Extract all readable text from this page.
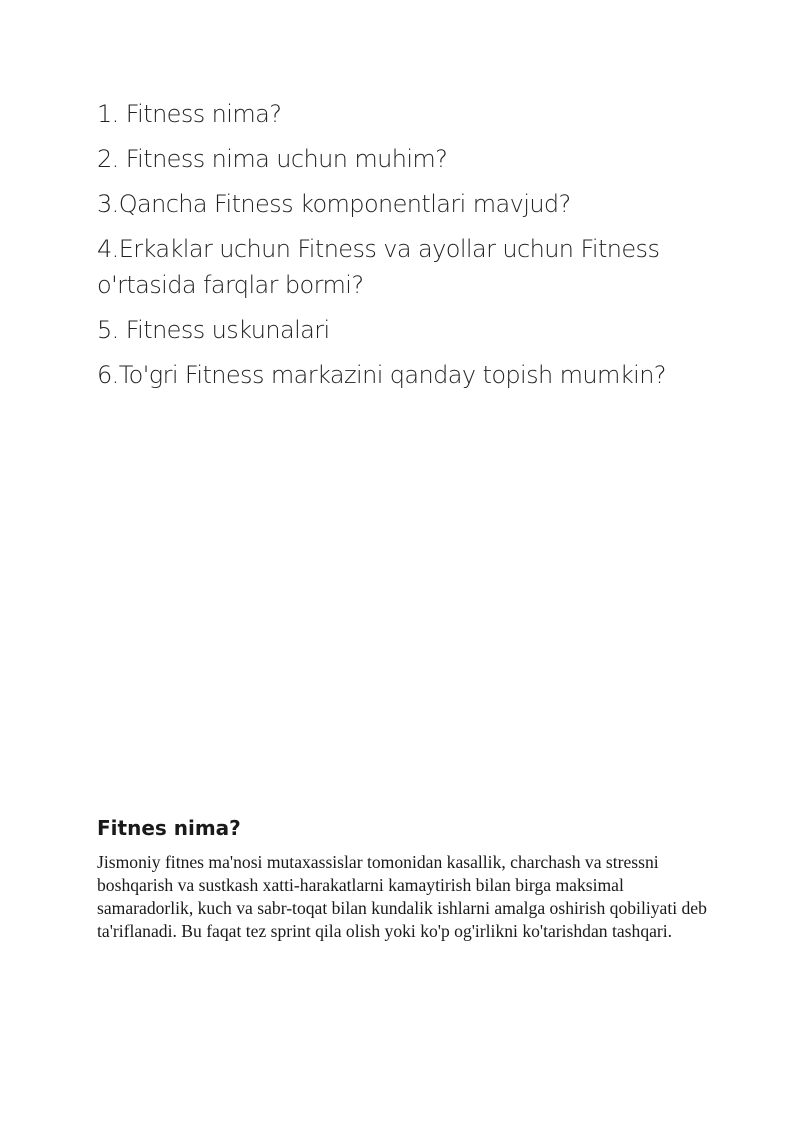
1. Fitness nima?
2. Fitness nima uchun muhim?
3.Qancha Fitness komponentlari mavjud?
4.Erkaklar uchun Fitness va ayollar uchun Fitness o'rtasida farqlar bormi?
5. Fitness uskunalari
6.To'gri Fitness markazini qanday topish mumkin?
Fitnes nima?

Jismoniy fitnes ma'nosi mutaxassislar tomonidan kasallik, charchash va stressni boshqarish va sustkash xatti-harakatlarni kamaytirish bilan birga maksimal samaradorlik, kuch va sabr-toqat bilan kundalik ishlarni amalga oshirish qobiliyati deb ta'riflanadi. Bu faqat tez sprint qila olish yoki ko'p og'irlikni ko'tarishdan tashqari.
